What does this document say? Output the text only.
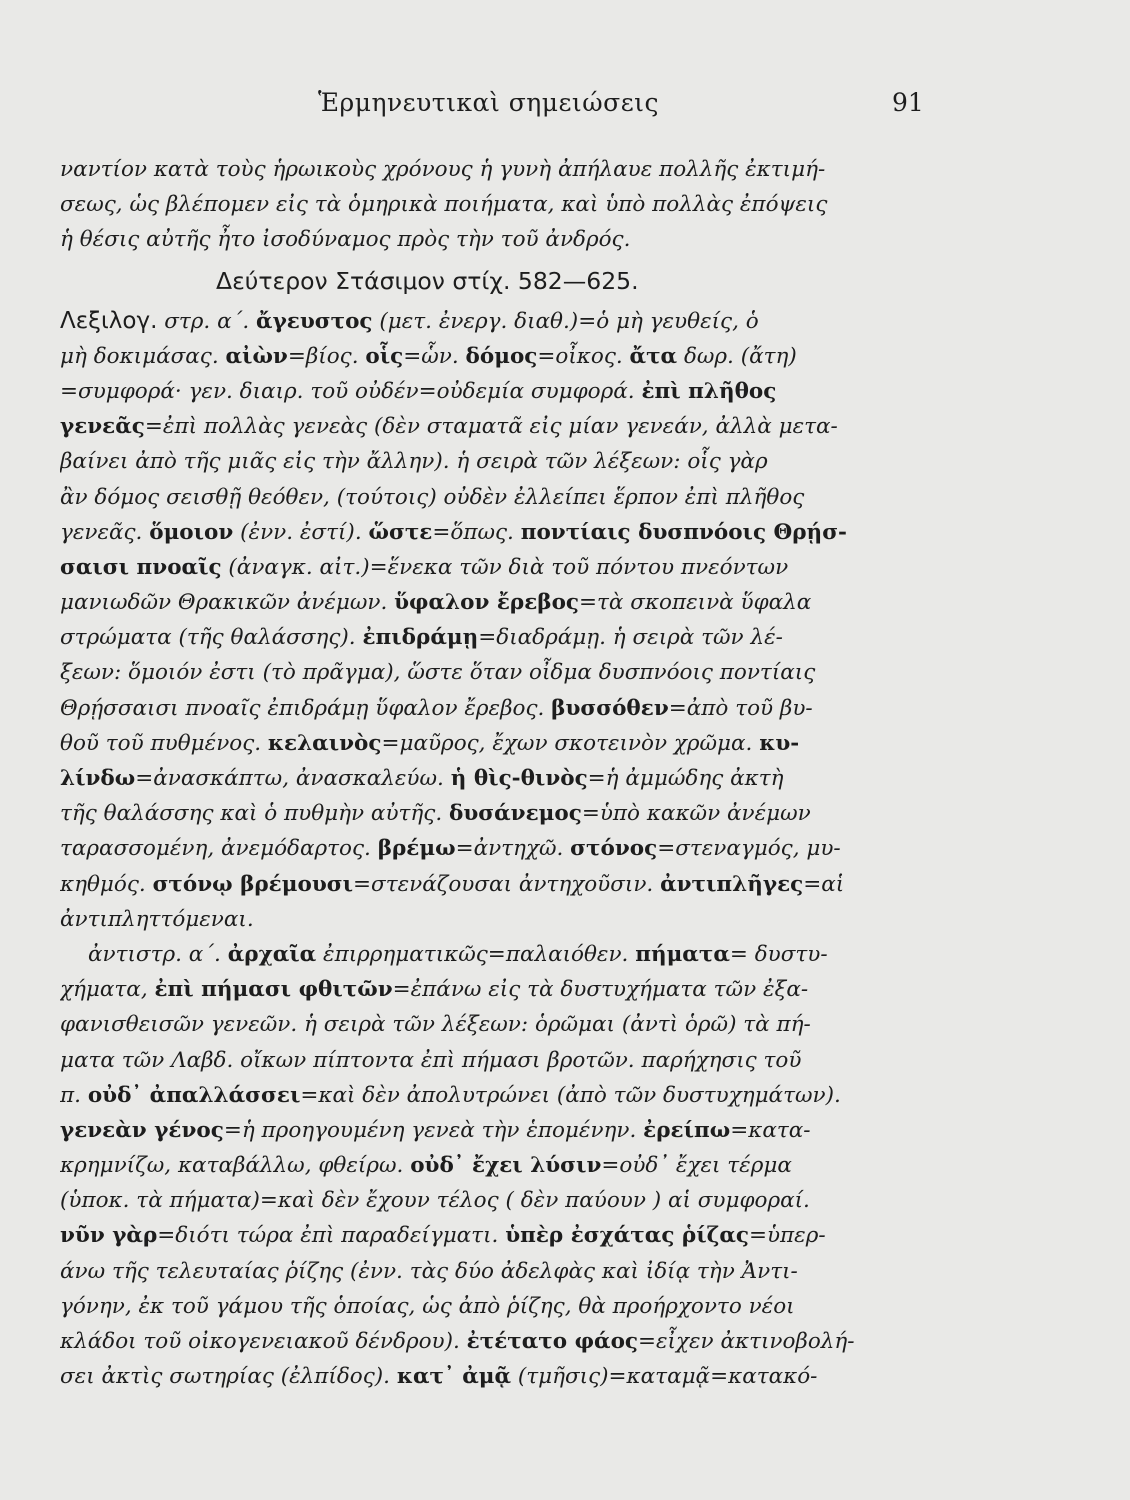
Ἑρμηνευτικαὶ σημειώσεις	91
ναντίον κατὰ τοὺς ἡρωικοὺς χρόνους ἡ γυνὴ ἀπήλαυε πολλῆς ἐκτιμή-
σεως, ὡς βλέπομεν εἰς τὰ ὁμηρικὰ ποιήματα, καὶ ὑπὸ πολλὰς ἐπόψεις
ἡ θέσις αὐτῆς ἦτο ἰσοδύναμος πρὸς τὴν τοῦ ἀνδρός.
Δεύτερον Στάσιμον στίχ. 582—625.
Λεξιλογ. στρ. α΄. ἄγευστος (μετ. ἐνεργ. διαθ.)=ὁ μὴ γευθείς, ὁ
μὴ δοκιμάσας. αἰὼν=βίος. οἷς=ὧν. δόμος=οἶκος. ἄτα δωρ. (ἄτη)
=συμφορά· γεν. διαιρ. τοῦ οὐδέν=οὐδεμία συμφορά. ἐπὶ πλῆθος
γενεᾶς=ἐπὶ πολλὰς γενεὰς (δὲν σταματᾶ εἰς μίαν γενεάν, ἀλλὰ μετα-
βαίνει ἀπὸ τῆς μιᾶς εἰς τὴν ἄλλην). ἡ σειρὰ τῶν λέξεων: οἷς γὰρ
ἂν δόμος σεισθῇ θεόθεν, (τούτοις) οὐδὲν ἐλλείπει ἕρπον ἐπὶ πλῆθος
γενεᾶς. ὅμοιον (ἐνν. ἐστί). ὥστε=ὅπως. ποντίαις δυσπνόοις Θρῄσ-
σαισι πνοαῖς (ἀναγκ. αἰτ.)=ἕνεκα τῶν διὰ τοῦ πόντου πνεόντων
μανιωδῶν Θρακικῶν ἀνέμων. ὕφαλον ἔρεβος=τὰ σκοπεινὰ ὕφαλα
στρώματα (τῆς θαλάσσης). ἐπιδράμῃ=διαδράμῃ. ἡ σειρὰ τῶν λέ-
ξεων: ὅμοιόν ἐστι (τὸ πρᾶγμα), ὥστε ὅταν οἶδμα δυσπνόοις ποντίαις
Θρῄσσαισι πνοαῖς ἐπιδράμῃ ὕφαλον ἔρεβος. βυσσόθεν=ἀπὸ τοῦ βυ-
θοῦ τοῦ πυθμένος. κελαινὸς=μαῦρος, ἔχων σκοτεινὸν χρῶμα. κυ-
λίνδω=ἀνασκάπτω, ἀνασκαλεύω. ἡ θὶς-θινὸς=ἡ ἀμμώδης ἀκτὴ
τῆς θαλάσσης καὶ ὁ πυθμὴν αὐτῆς. δυσάνεμος=ὑπὸ κακῶν ἀνέμων
ταρασσομένη, ἀνεμόδαρτος. βρέμω=ἀντηχῶ. στόνος=στεναγμός, μυ-
κηθμός. στόνῳ βρέμουσι=στενάζουσαι ἀντηχοῦσιν. ἀντιπλῆγες=αἱ
ἀντιπληττόμεναι.
ἀντιστρ. α΄. ἀρχαῖα ἐπιρρηματικῶς=παλαιόθεν. πήματα= δυστυ-
χήματα, ἐπὶ πήμασι φθιτῶν=ἐπάνω εἰς τὰ δυστυχήματα τῶν ἐξα-
φανισθεισῶν γενεῶν. ἡ σειρὰ τῶν λέξεων: ὁρῶμαι (ἀντὶ ὁρῶ) τὰ πή-
ματα τῶν Λαβδ. οἴκων πίπτοντα ἐπὶ πήμασι βροτῶν. παρήχησις τοῦ
π. οὐδ᾽ ἀπαλλάσσει=καὶ δὲν ἀπολυτρώνει (ἀπὸ τῶν δυστυχημάτων).
γενεὰν γένος=ἡ προηγουμένη γενεὰ τὴν ἑπομένην. ἐρείπω=κατα-
κρημνίζω, καταβάλλω, φθείρω. οὐδ᾽ ἔχει λύσιν=οὐδ᾽ ἔχει τέρμα
(ὑποκ. τὰ πήματα)=καὶ δὲν ἔχουν τέλος ( δὲν παύουν ) αἱ συμφοραί.
νῦν γὰρ=διότι τώρα ἐπὶ παραδείγματι. ὑπὲρ ἐσχάτας ῥίζας=ὑπερ-
άνω τῆς τελευταίας ῥίζης (ἐνν. τὰς δύο ἀδελφὰς καὶ ἰδίᾳ τὴν Ἀντι-
γόνην, ἐκ τοῦ γάμου τῆς ὁποίας, ὡς ἀπὸ ῥίζης, θὰ προήρχοντο νέοι
κλάδοι τοῦ οἰκογενειακοῦ δένδρου). ἐτέτατο φάος=εἶχεν ἀκτινοβολή-
σει ἀκτὶς σωτηρίας (ἐλπίδος). κατ᾽ ἀμᾷ (τμῆσις)=καταμᾷ=κατακό-
